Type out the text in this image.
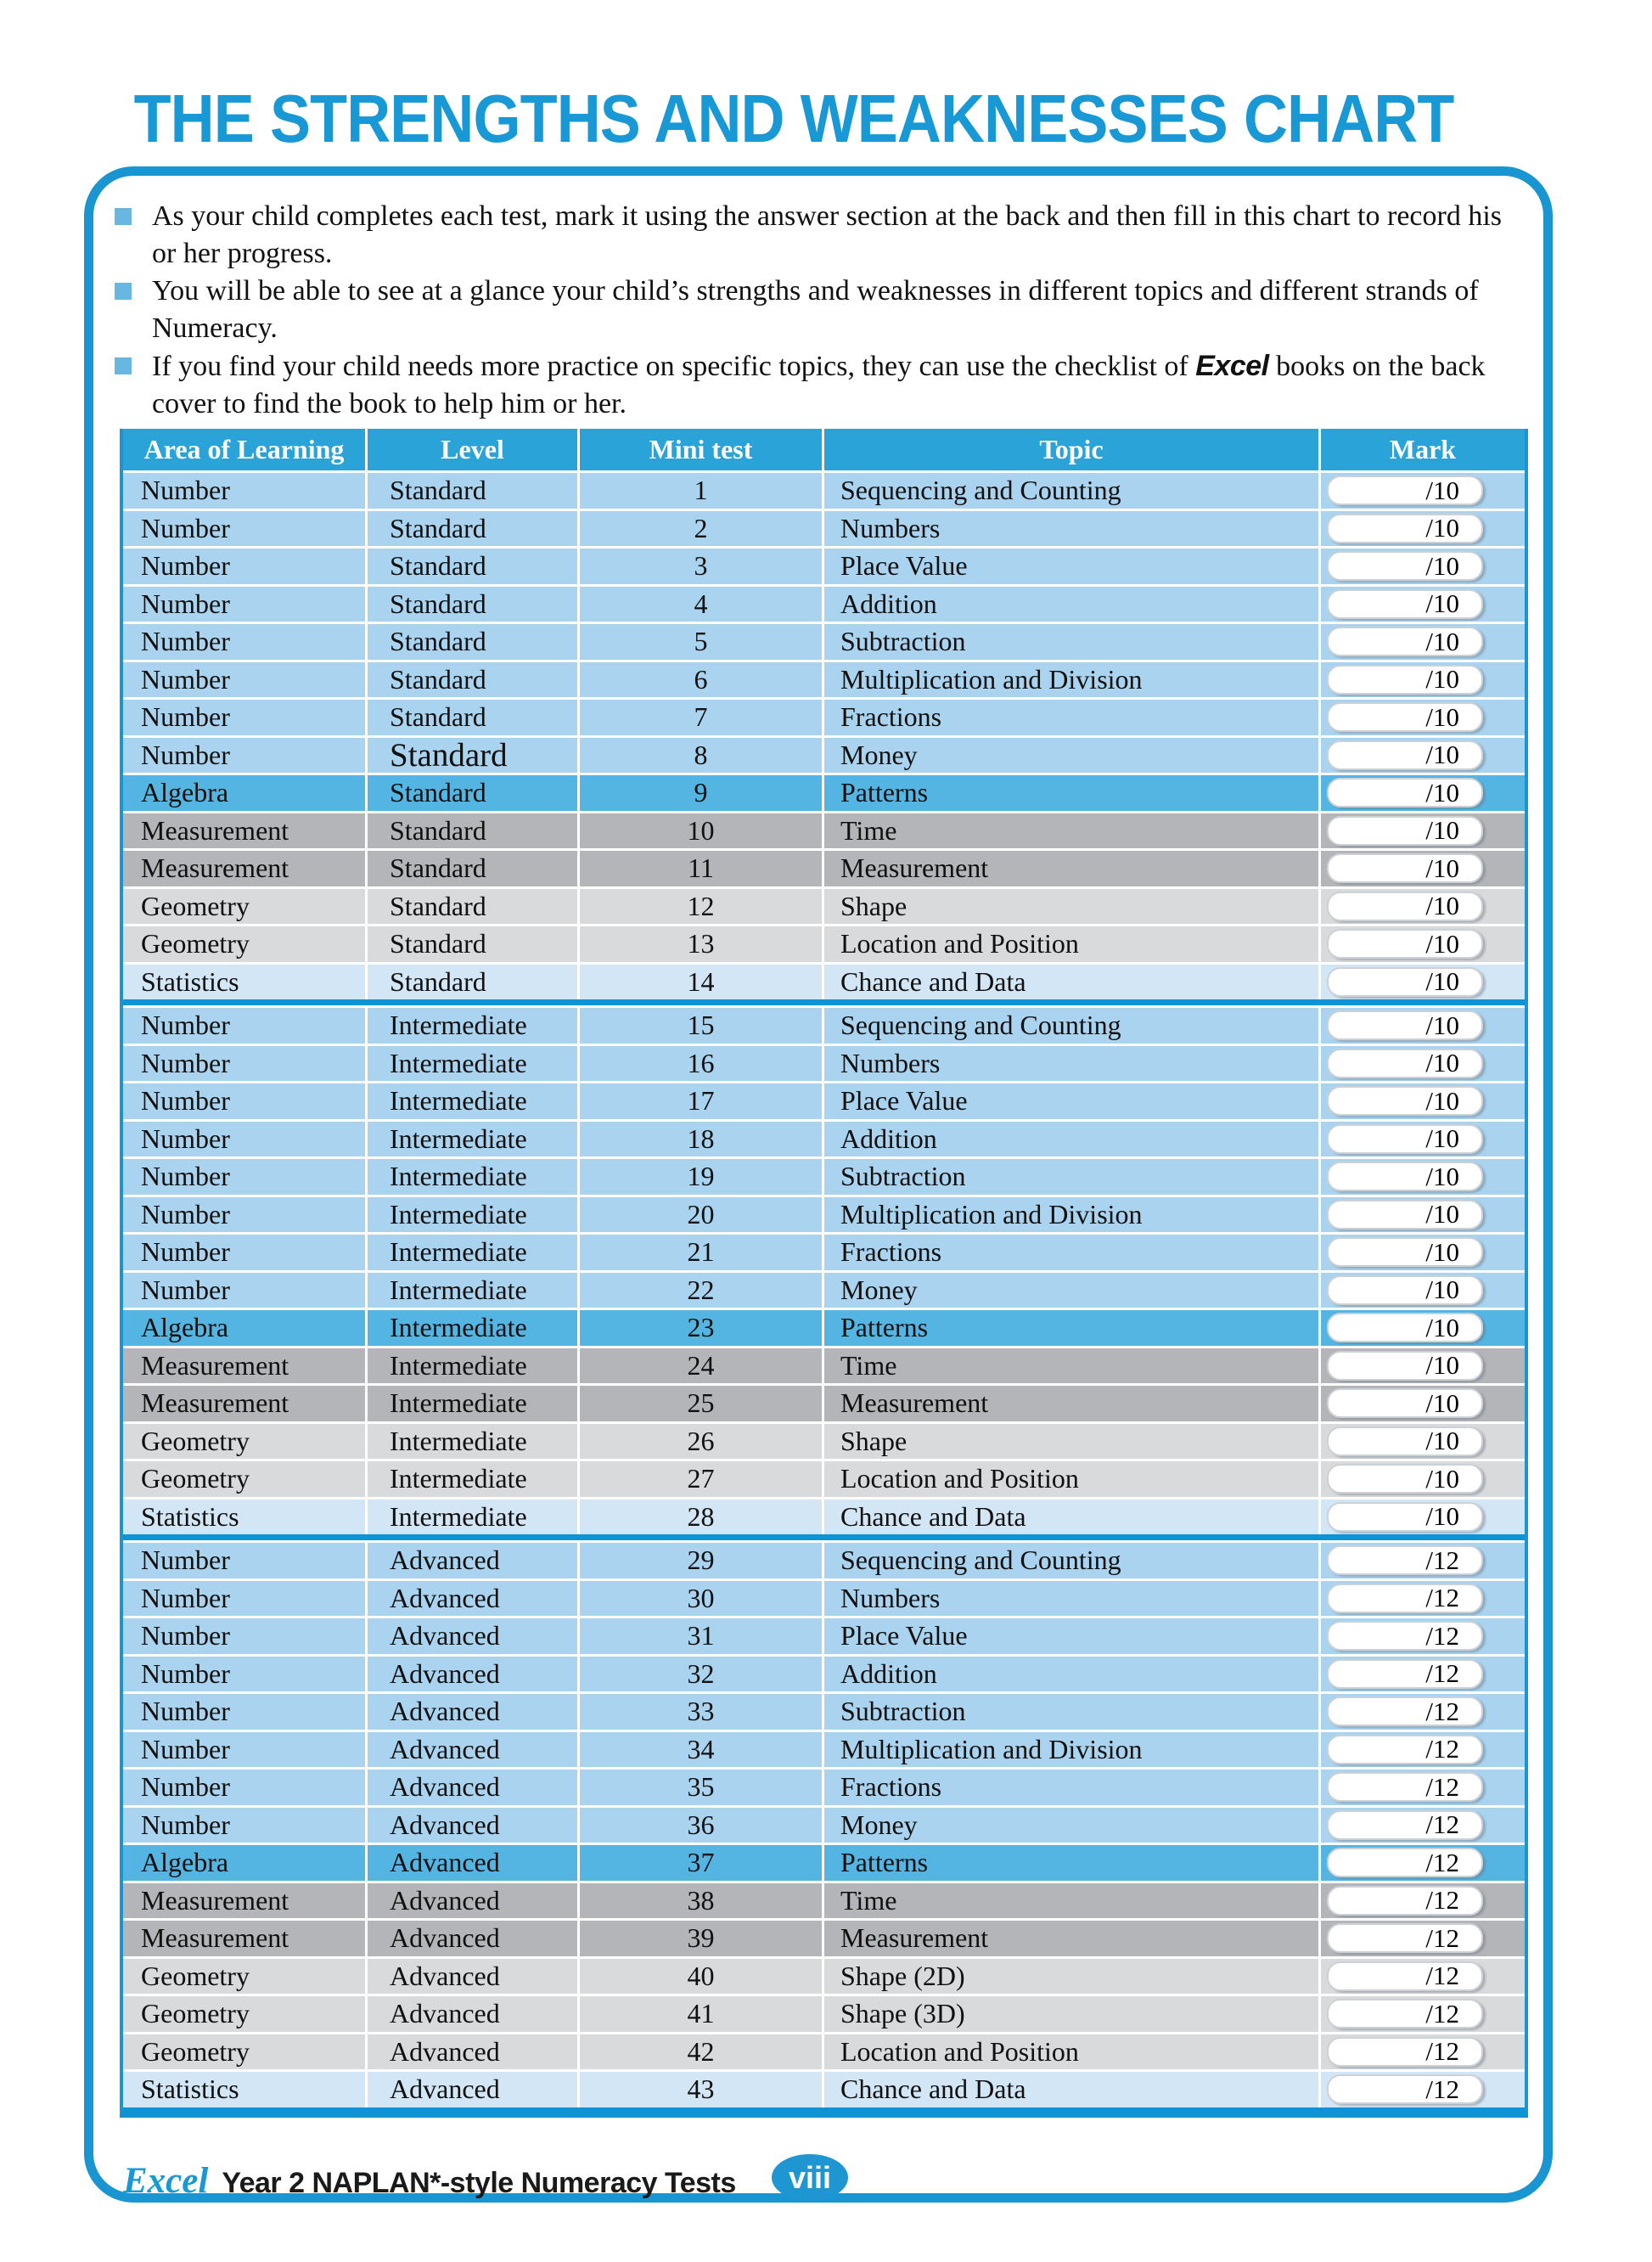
THE STRENGTHS AND WEAKNESSES CHART
As your child completes each test, mark it using the answer section at the back and then fill in this chart to record his or her progress.
You will be able to see at a glance your child’s strengths and weaknesses in different topics and different strands of Numeracy.
If you find your child needs more practice on specific topics, they can use the checklist of Excel books on the back cover to find the book to help him or her.
Area of Learning	Level	Mini test	Topic	Mark
Number	Standard	1	Sequencing and Counting	/10
Number	Standard	2	Numbers	/10
Number	Standard	3	Place Value	/10
Number	Standard	4	Addition	/10
Number	Standard	5	Subtraction	/10
Number	Standard	6	Multiplication and Division	/10
Number	Standard	7	Fractions	/10
Number	Standard	8	Money	/10
Algebra	Standard	9	Patterns	/10
Measurement	Standard	10	Time	/10
Measurement	Standard	11	Measurement	/10
Geometry	Standard	12	Shape	/10
Geometry	Standard	13	Location and Position	/10
Statistics	Standard	14	Chance and Data	/10
Number	Intermediate	15	Sequencing and Counting	/10
Number	Intermediate	16	Numbers	/10
Number	Intermediate	17	Place Value	/10
Number	Intermediate	18	Addition	/10
Number	Intermediate	19	Subtraction	/10
Number	Intermediate	20	Multiplication and Division	/10
Number	Intermediate	21	Fractions	/10
Number	Intermediate	22	Money	/10
Algebra	Intermediate	23	Patterns	/10
Measurement	Intermediate	24	Time	/10
Measurement	Intermediate	25	Measurement	/10
Geometry	Intermediate	26	Shape	/10
Geometry	Intermediate	27	Location and Position	/10
Statistics	Intermediate	28	Chance and Data	/10
Number	Advanced	29	Sequencing and Counting	/12
Number	Advanced	30	Numbers	/12
Number	Advanced	31	Place Value	/12
Number	Advanced	32	Addition	/12
Number	Advanced	33	Subtraction	/12
Number	Advanced	34	Multiplication and Division	/12
Number	Advanced	35	Fractions	/12
Number	Advanced	36	Money	/12
Algebra	Advanced	37	Patterns	/12
Measurement	Advanced	38	Time	/12
Measurement	Advanced	39	Measurement	/12
Geometry	Advanced	40	Shape (2D)	/12
Geometry	Advanced	41	Shape (3D)	/12
Geometry	Advanced	42	Location and Position	/12
Statistics	Advanced	43	Chance and Data	/12
Excel Year 2 NAPLAN*-style Numeracy Tests viii
